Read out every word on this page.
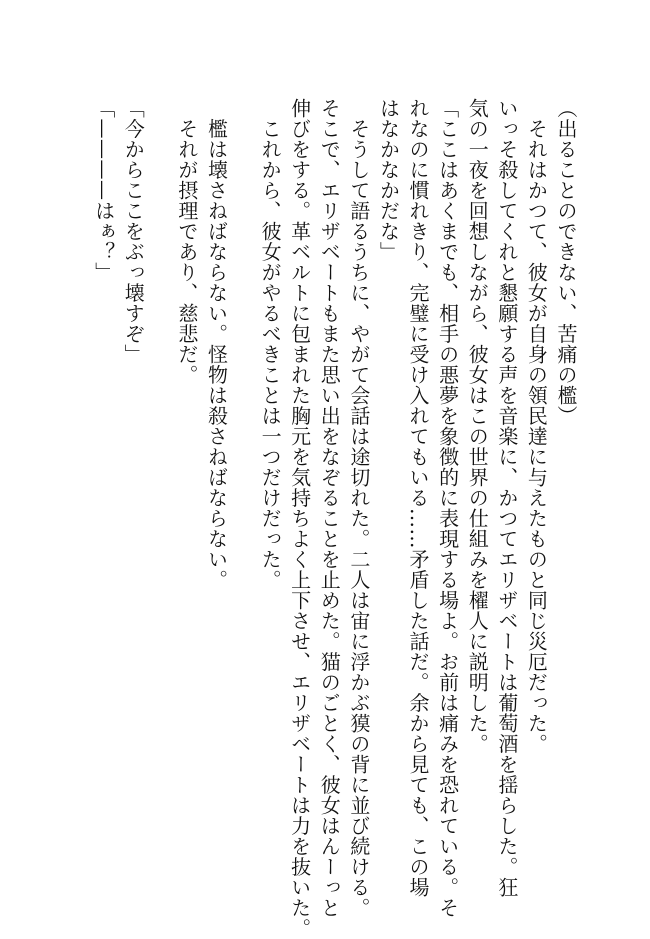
（出ることのできない、苦痛の檻）
　それはかつて、彼女が自身の領民達に与えたものと同じ災厄だった。
いっそ殺してくれと懇願する声を音楽に、かつてエリザベートは葡萄酒を揺らした。狂
気の一夜を回想しながら、彼女はこの世界の仕組みを櫂人に説明した。
「ここはあくまでも、相手の悪夢を象徴的に表現する場よ。お前は痛みを恐れている。そ
れなのに慣れきり、完璧に受け入れてもいる……矛盾した話だ。余から見ても、この場
はなかなかだな」
　そうして語るうちに、やがて会話は途切れた。二人は宙に浮かぶ獏の背に並び続ける。
そこで、エリザベートもまた思い出をなぞることを止めた。猫のごとく、彼女はんーっと
伸びをする。革ベルトに包まれた胸元を気持ちよく上下させ、エリザベートは力を抜いた。
　これから、彼女がやるべきことは一つだけだった。
　檻は壊さねばならない。怪物は殺さねばならない。
　それが摂理であり、慈悲だ。
「今からここをぶっ壊すぞ」
「————はぁ？」
